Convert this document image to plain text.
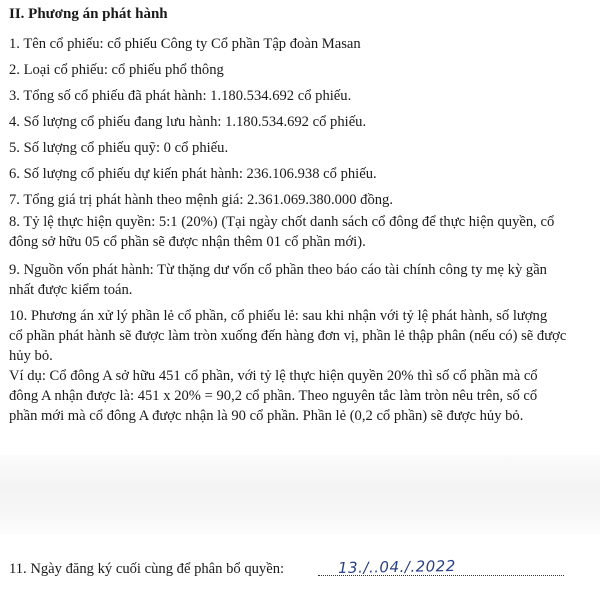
II. Phương án phát hành
1. Tên cổ phiếu: cổ phiếu Công ty Cổ phần Tập đoàn Masan
2. Loại cổ phiếu: cổ phiếu phổ thông
3. Tổng số cổ phiếu đã phát hành: 1.180.534.692 cổ phiếu.
4. Số lượng cổ phiếu đang lưu hành: 1.180.534.692 cổ phiếu.
5. Số lượng cổ phiếu quỹ: 0 cổ phiếu.
6. Số lượng cổ phiếu dự kiến phát hành: 236.106.938 cổ phiếu.
7. Tổng giá trị phát hành theo mệnh giá: 2.361.069.380.000 đồng.
8. Tỷ lệ thực hiện quyền: 5:1 (20%) (Tại ngày chốt danh sách cổ đông để thực hiện quyền, cổ
đông sở hữu 05 cổ phần sẽ được nhận thêm 01 cổ phần mới).
9. Nguồn vốn phát hành: Từ thặng dư vốn cổ phần theo báo cáo tài chính công ty mẹ kỳ gần
nhất được kiểm toán.
10. Phương án xử lý phần lẻ cổ phần, cổ phiếu lẻ: sau khi nhận với tỷ lệ phát hành, số lượng
cổ phần phát hành sẽ được làm tròn xuống đến hàng đơn vị, phần lẻ thập phân (nếu có) sẽ được
hủy bỏ.
Ví dụ: Cổ đông A sở hữu 451 cổ phần, với tỷ lệ thực hiện quyền 20% thì số cổ phần mà cổ
đông A nhận được là: 451 x 20% = 90,2 cổ phần. Theo nguyên tắc làm tròn nêu trên, số cổ
phần mới mà cổ đông A được nhận là 90 cổ phần. Phần lẻ (0,2 cổ phần) sẽ được hủy bỏ.
11. Ngày đăng ký cuối cùng để phân bổ quyền:	13./..04./.2022
